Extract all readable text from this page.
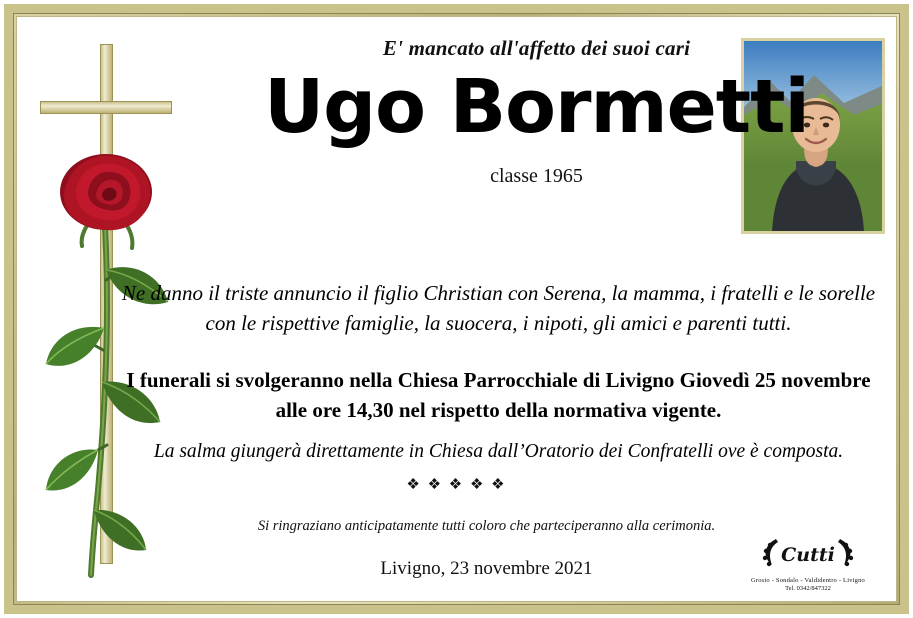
E' mancato all'affetto dei suoi cari
Ugo Bormetti
classe 1965
Ne danno il triste annuncio il figlio Christian con Serena, la mamma, i fratelli e le sorelle con le rispettive famiglie, la suocera, i nipoti, gli amici e parenti tutti.
I funerali si svolgeranno nella Chiesa Parrocchiale di Livigno Giovedì 25 novembre alle ore 14,30 nel rispetto della normativa vigente.
La salma giungerà direttamente in Chiesa dall’Oratorio dei Confratelli ove è composta.
❖ ❖ ❖ ❖ ❖
Si ringraziano anticipatamente tutti coloro che parteciperanno alla cerimonia.
Livigno, 23 novembre 2021
Cutti
Grosio - Sondalo - Valdidentro - Livigno
Tel. 0342/847322
